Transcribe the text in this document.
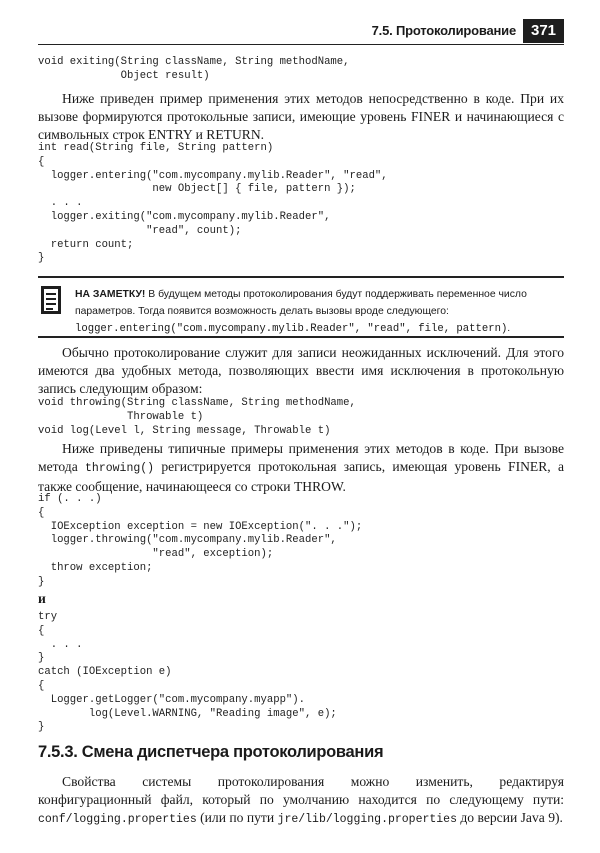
7.5. Протоколирование 371
void exiting(String className, String methodName,
Object result)

Ниже приведен пример применения этих методов непосредственно в коде. При их вызове формируются протокольные записи, имеющие уровень FINER и начинающиеся с символьных строк ENTRY и RETURN.

int read(String file, String pattern)
{
logger.entering("com.mycompany.mylib.Reader", "read",
new Object[] { file, pattern });
. . .
logger.exiting("com.mycompany.mylib.Reader",
"read", count);
return count;
}

НА ЗАМЕТКУ! В будущем методы протоколирования будут поддерживать переменное число параметров. Тогда появится возможность делать вызовы вроде следующего: logger.entering("com.mycompany.mylib.Reader", "read", file, pattern).

Обычно протоколирование служит для записи неожиданных исключений. Для этого имеются два удобных метода, позволяющих ввести имя исключения в протокольную запись следующим образом:

void throwing(String className, String methodName,
Throwable t)
void log(Level l, String message, Throwable t)

Ниже приведены типичные примеры применения этих методов в коде. При вызове метода throwing() регистрируется протокольная запись, имеющая уровень FINER, а также сообщение, начинающееся со строки THROW.

if (. . .)
{
IOException exception = new IOException(". . .");
logger.throwing("com.mycompany.mylib.Reader",
"read", exception);
throw exception;
}
и
try
{
. . .
}
catch (IOException e)
{
Logger.getLogger("com.mycompany.myapp").
log(Level.WARNING, "Reading image", e);
}
7.5.3. Смена диспетчера протоколирования

Свойства системы протоколирования можно изменить, редактируя конфигурационный файл, который по умолчанию находится по следующему пути: conf/logging.properties (или по пути jre/lib/logging.properties до версии Java 9).
